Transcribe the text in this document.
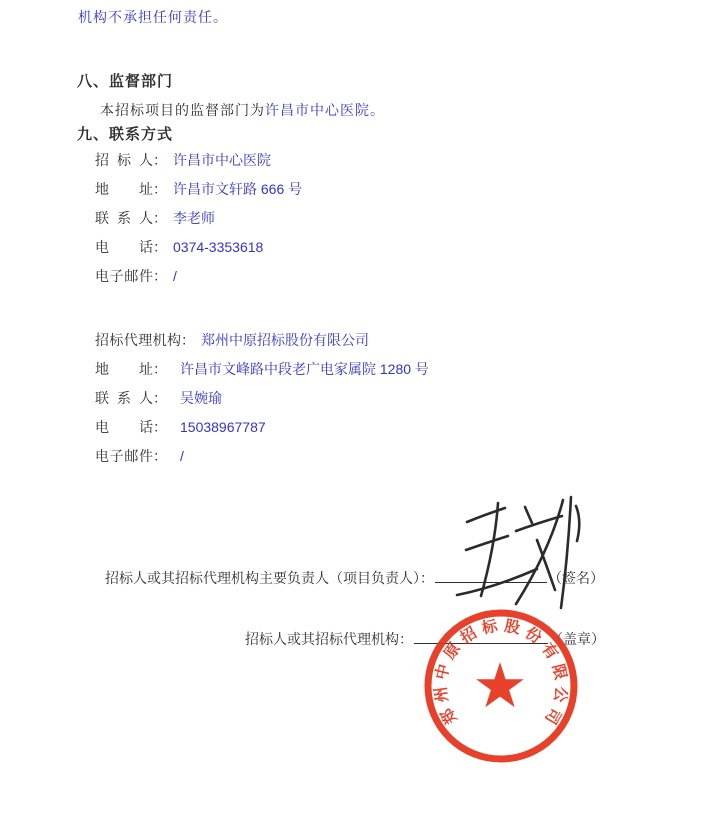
机构不承担任何责任。
八、监督部门
本招标项目的监督部门为许昌市中心医院。
九、联系方式
招标人： 许昌市中心医院
地址： 许昌市文轩路 666 号
联系人： 李老师
电话： 0374-3353618
电子邮件： /
招标代理机构： 郑州中原招标股份有限公司
地址： 许昌市文峰路中段老广电家属院 1280 号
联系人： 吴婉瑜
电话： 15038967787
电子邮件： /
招标人或其招标代理机构主要负责人（项目负责人）：	（签名）
招标人或其招标代理机构：	（盖章）
郑
州
中
原
招 标 股 份
有
限
公
司
